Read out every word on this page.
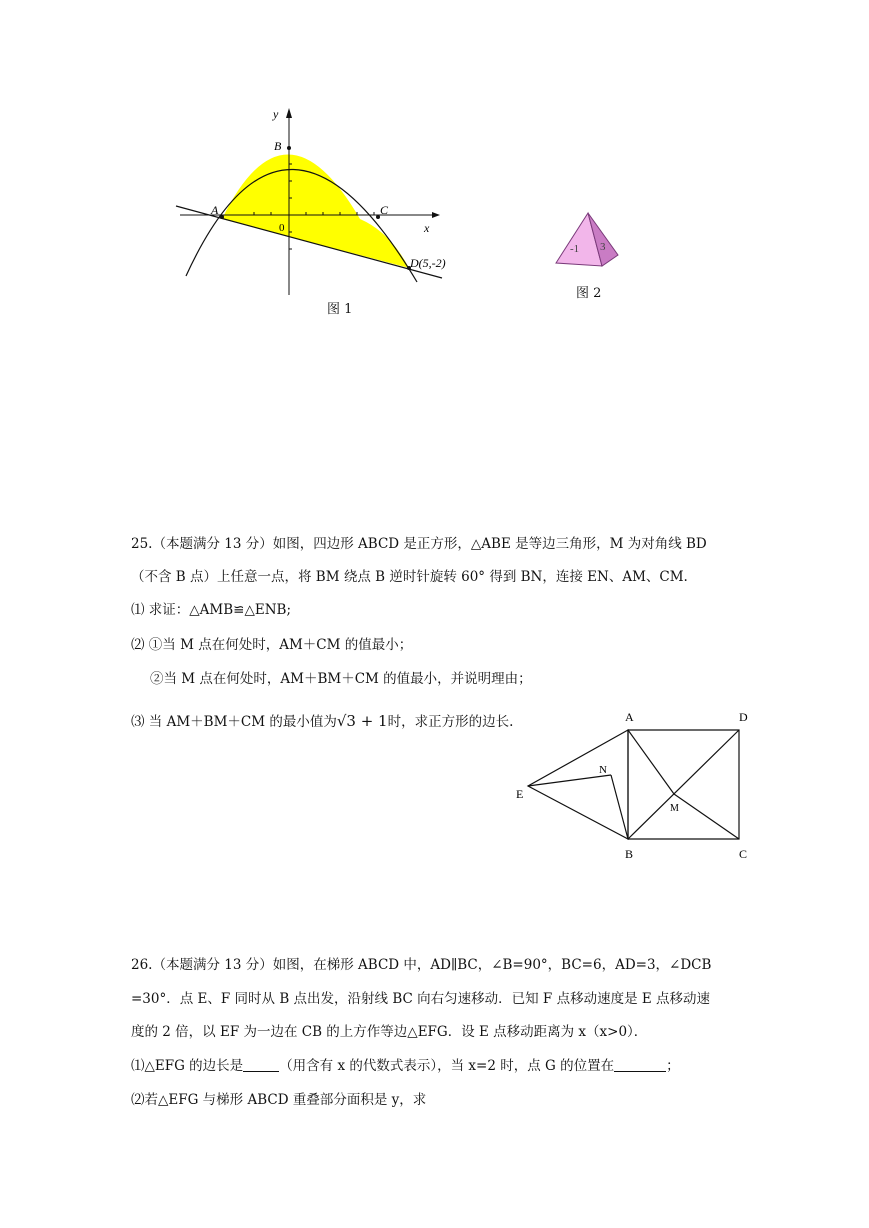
y
x
0
A
B
C
D(5,-2)
图 1
-1 3
图 2
25.（本题满分 13 分）如图，四边形 ABCD 是正方形，△ABE 是等边三角形，M 为对角线 BD
（不含 B 点）上任意一点，将 BM 绕点 B 逆时针旋转 60° 得到 BN，连接 EN、AM、CM.
⑴ 求证：△AMB≌△ENB;
⑵ ①当 M 点在何处时，AM＋CM 的值最小；
②当 M 点在何处时，AM＋BM＋CM 的值最小，并说明理由；
⑶ 当 AM＋BM＋CM 的最小值为√3 + 1时，求正方形的边长.	A	D
B	C
E
N
M
26.（本题满分 13 分）如图，在梯形 ABCD 中，AD∥BC，∠B=90°，BC=6，AD=3，∠DCB
=30°．点 E、F 同时从 B 点出发，沿射线 BC 向右匀速移动．已知 F 点移动速度是 E 点移动速
度的 2 倍，以 EF 为一边在 CB 的上方作等边△EFG．设 E 点移动距离为 x（x>0）．
⑴△EFG 的边长是	（用含有 x 的代数式表示），当 x=2 时，点 G 的位置在	；
⑵若△EFG 与梯形 ABCD 重叠部分面积是 y，求
